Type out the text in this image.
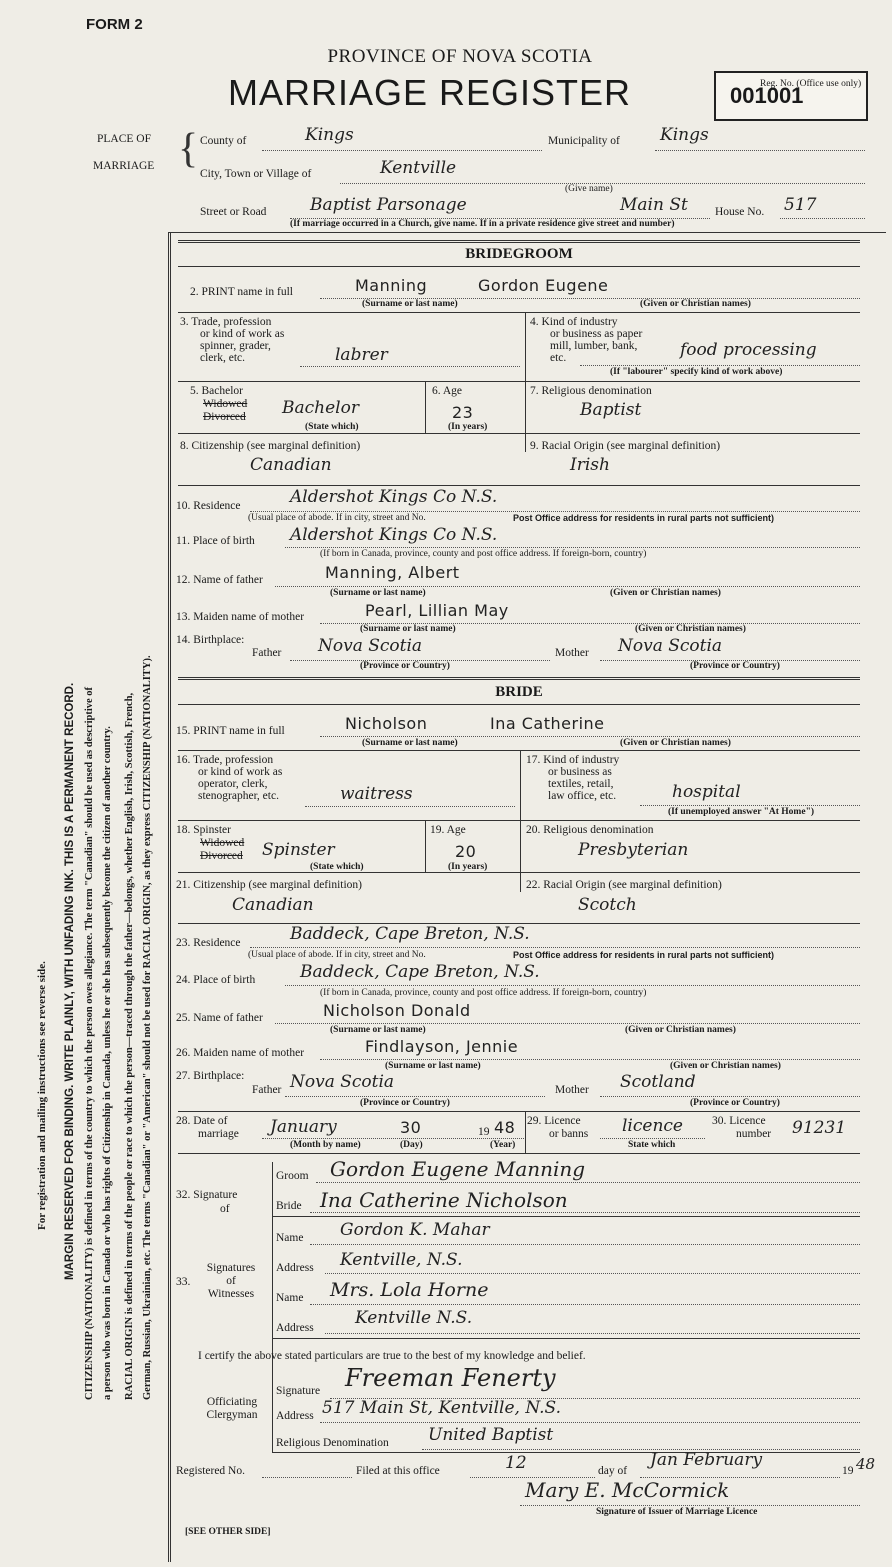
FORM 2
PROVINCE OF NOVA SCOTIA
MARRIAGE REGISTER	Reg. No. (Office use only)
001001
For registration and mailing instructions see reverse side. MARGIN RESERVED FOR BINDING. WRITE PLAINLY, WITH UNFADING INK. THIS IS A PERMANENT RECORD. CITIZENSHIP (NATIONALITY) is defined in terms of the country to which the person owes allegiance. The term "Canadian" should be used as descriptive of a person who was born in Canada or who has rights of Citizenship in Canada, unless he or she has subsequently become the citizen of another country. RACIAL ORIGIN is defined in terms of the people or race to which the person—traced through the father—belongs, whether English, Irish, Scottish, French, German, Russian, Ukrainian, etc. The terms "Canadian" or "American" should not be used for RACIAL ORIGIN, as they express CITIZENSHIP (NATIONALITY).
PLACE OF
MARRIAGE { County of	Kings	Municipality of Kings
City, Town or Village of	Kentville
(Give name)
Street or Road	Baptist Parsonage	Main St House No. 517
(If marriage occurred in a Church, give name. If in a private residence give street and number)
BRIDEGROOM
2. PRINT name in full	Manning	Gordon Eugene
(Surname or last name)	(Given or Christian names)
3. Trade, profession
or kind of work as
spinner, grader,
clerk, etc.	labrer
4. Kind of industry
or business as paper
mill, lumber, bank,
etc.	food processing
(If "labourer" specify kind of work above)
5. Bachelor
Widowed
Divorced Bachelor
(State which)
6. Age
23
(In years)
7. Religious denomination
Baptist
8. Citizenship (see marginal definition)
Canadian
9. Racial Origin (see marginal definition)
Irish
10. Residence	Aldershot Kings Co N.S.
(Usual place of abode. If in city, street and No.	Post Office address for residents in rural parts not sufficient)
11. Place of birth Aldershot Kings Co N.S.
(If born in Canada, province, county and post office address. If foreign-born, country)
12. Name of father	Manning, Albert
(Surname or last name)	(Given or Christian names)
13. Maiden name of mother	Pearl, Lillian May
(Surname or last name)	(Given or Christian names)
14. Birthplace:
Father Nova Scotia
(Province or Country)
Mother Nova Scotia
(Province or Country)
BRIDE
15. PRINT name in full	Nicholson	Ina Catherine
(Surname or last name)	(Given or Christian names)
16. Trade, profession
or kind of work as
operator, clerk,
stenographer, etc.	waitress
17. Kind of industry
or business as
textiles, retail,
law office, etc.	hospital
(If unemployed answer "At Home")
18. Spinster
Widowed
Divorced Spinster
(State which)
19. Age
20
(In years)
20. Religious denomination
Presbyterian
21. Citizenship (see marginal definition)
Canadian
22. Racial Origin (see marginal definition)
Scotch
23. Residence	Baddeck, Cape Breton, N.S.
(Usual place of abode. If in city, street and No.	Post Office address for residents in rural parts not sufficient)
24. Place of birth	Baddeck, Cape Breton, N.S.
(If born in Canada, province, county and post office address. If foreign-born, country)
25. Name of father	Nicholson Donald
(Surname or last name)	(Given or Christian names)
26. Maiden name of mother	Findlayson, Jennie
(Surname or last name)	(Given or Christian names)
27. Birthplace:
Father Nova Scotia
(Province or Country)
Mother Scotland
(Province or Country)
28. Date of
marriage January	30	19 48
(Month by name)	(Day)	(Year)
29. Licence
or banns licence
State which
30. Licence
number 91231
32. Signature
of
Groom Gordon Eugene Manning
Bride Ina Catherine Nicholson
33.
Signatures
of
Witnesses
Name Gordon K. Mahar
Address Kentville, N.S.
Name Mrs. Lola Horne
Address Kentville N.S.
I certify the above stated particulars are true to the best of my knowledge and belief.
Officiating
Clergyman
Signature Freeman Fenerty
Address 517 Main St, Kentville, N.S.
Religious Denomination United Baptist
Registered No.	Filed at this office	12	day of
Jan February
19 48
Mary E. McCormick
Signature of Issuer of Marriage Licence
[SEE OTHER SIDE]
